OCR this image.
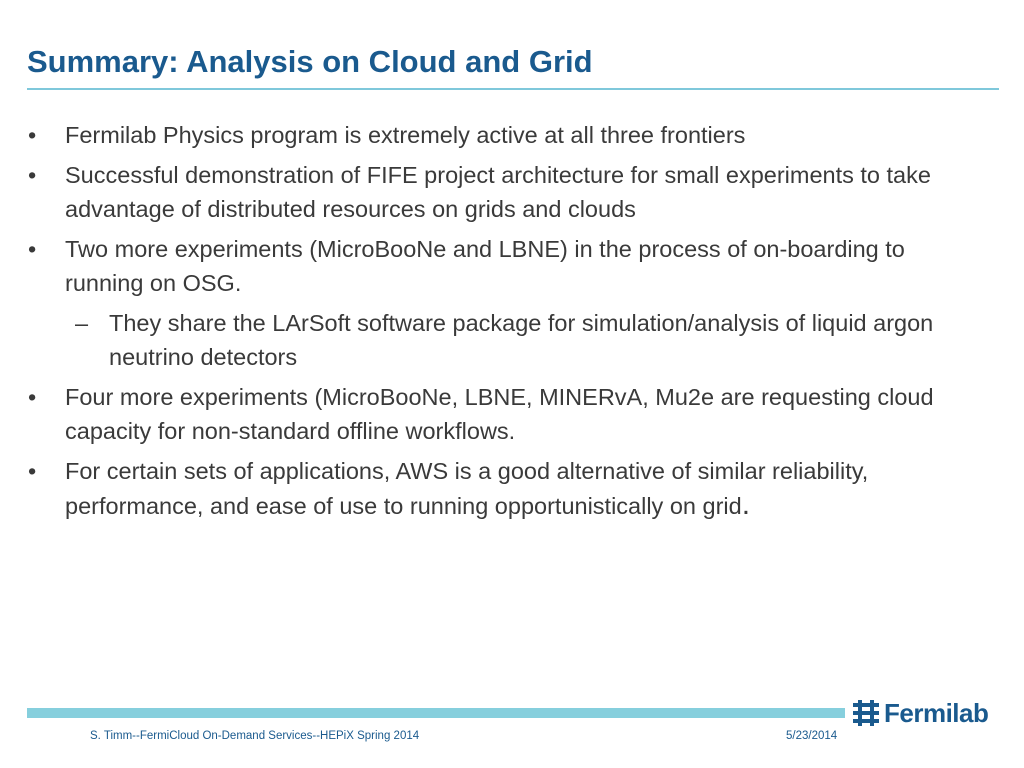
Summary: Analysis on Cloud and Grid
• Fermilab Physics program is extremely active at all three frontiers
• Successful demonstration of FIFE project architecture for small experiments to take advantage of distributed resources on grids and clouds
• Two more experiments (MicroBooNe and LBNE) in the process of on-boarding to running on OSG.
– They share the LArSoft software package for simulation/analysis of liquid argon neutrino detectors
• Four more experiments (MicroBooNe, LBNE, MINERvA, Mu2e are requesting cloud capacity for non-standard offline workflows.
• For certain sets of applications, AWS is a good alternative of similar reliability, performance, and ease of use to running opportunistically on grid.
Fermilab
S. Timm--FermiCloud On-Demand Services--HEPiX Spring 2014	5/23/2014
